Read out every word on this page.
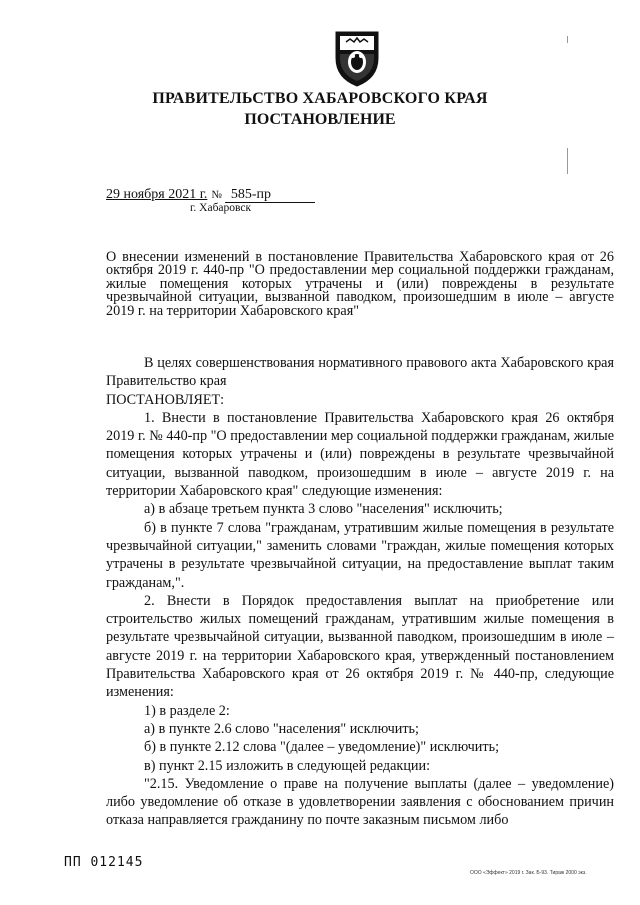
ПРАВИТЕЛЬСТВО ХАБАРОВСКОГО КРАЯ
ПОСТАНОВЛЕНИЕ
29 ноября 2021 г. № 585-пр
г. Хабаровск
О внесении изменений в постановление Правительства Хабаровского края от 26 октября 2019 г. 440-пр "О предоставлении мер социальной поддержки гражданам, жилые помещения которых утрачены и (или) повреждены в результате чрезвычайной ситуации, вызванной паводком, произошедшим в июле – августе 2019 г. на территории Хабаровского края"

В целях совершенствования нормативного правового акта Хабаровского края Правительство края

ПОСТАНОВЛЯЕТ:

1. Внести в постановление Правительства Хабаровского края 26 октября 2019 г. № 440-пр "О предоставлении мер социальной поддержки гражданам, жилые помещения которых утрачены и (или) повреждены в результате чрезвычайной ситуации, вызванной паводком, произошедшим в июле – августе 2019 г. на территории Хабаровского края" следующие изменения:

а) в абзаце третьем пункта 3 слово "населения" исключить;

б) в пункте 7 слова "гражданам, утратившим жилые помещения в результате чрезвычайной ситуации," заменить словами "граждан, жилые помещения которых утрачены в результате чрезвычайной ситуации, на предоставление выплат таким гражданам,".

2. Внести в Порядок предоставления выплат на приобретение или строительство жилых помещений гражданам, утратившим жилые помещения в результате чрезвычайной ситуации, вызванной паводком, произошедшим в июле – августе 2019 г. на территории Хабаровского края, утвержденный постановлением Правительства Хабаровского края от 26 октября 2019 г. № 440-пр, следующие изменения:

1) в разделе 2:

а) в пункте 2.6 слово "населения" исключить;

б) в пункте 2.12 слова "(далее – уведомление)" исключить;

в) пункт 2.15 изложить в следующей редакции:

"2.15. Уведомление о праве на получение выплаты (далее – уведомление) либо уведомление об отказе в удовлетворении заявления с обоснованием причин отказа направляется гражданину по почте заказным письмом либо

ПП 012145
ООО «Эффект» 2019 г. Зак. Б-93. Тираж 2000 экз.
